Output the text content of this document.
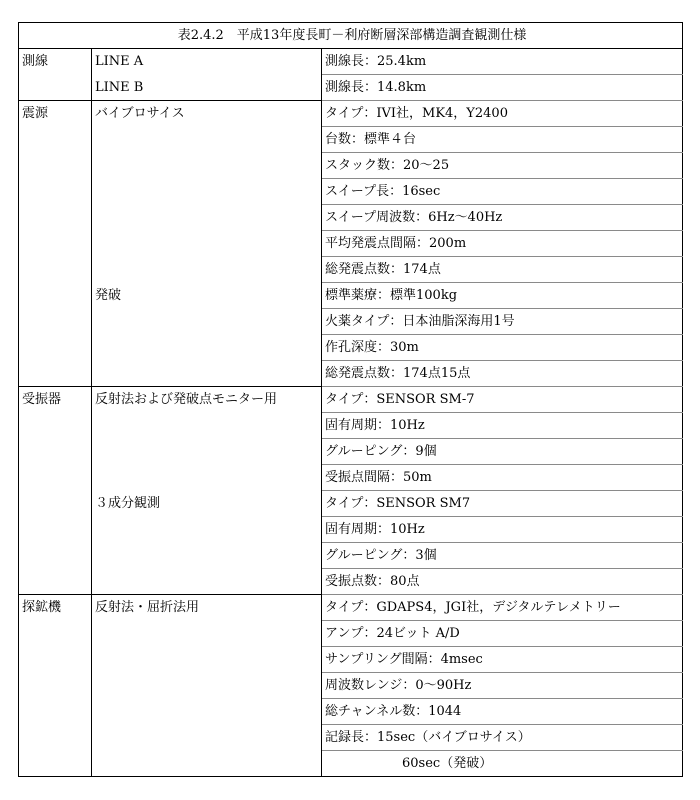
表2.4.2　平成13年度長町－利府断層深部構造調査観測仕様		
測線	LINE A	測線長：25.4km
	LINE B	測線長：14.8km
震源	バイブロサイス	タイプ：IVI社，MK4，Y2400
		台数：標準４台
		スタック数：20～25
		スイープ長：16sec
		スイープ周波数：6Hz～40Hz
		平均発震点間隔：200m
		総発震点数：174点
	発破	標準薬療：標準100kg
		火薬タイプ：日本油脂深海用1号
		作孔深度：30m
		総発震点数：174点15点
受振器	反射法および発破点モニター用	タイプ：SENSOR SM-7
		固有周期：10Hz
		グルーピング：9個
		受振点間隔：50m
	３成分観測	タイプ：SENSOR SM7
		固有周期：10Hz
		グルーピング：3個
		受振点数：80点
探鉱機	反射法・屈折法用	タイプ：GDAPS4，JGI社，デジタルテレメトリー
		アンプ：24ビット A/D
		サンプリング間隔：4msec
		周波数レンジ：0～90Hz
		総チャンネル数：1044
		記録長：15sec（バイブロサイス）
		60sec（発破）
